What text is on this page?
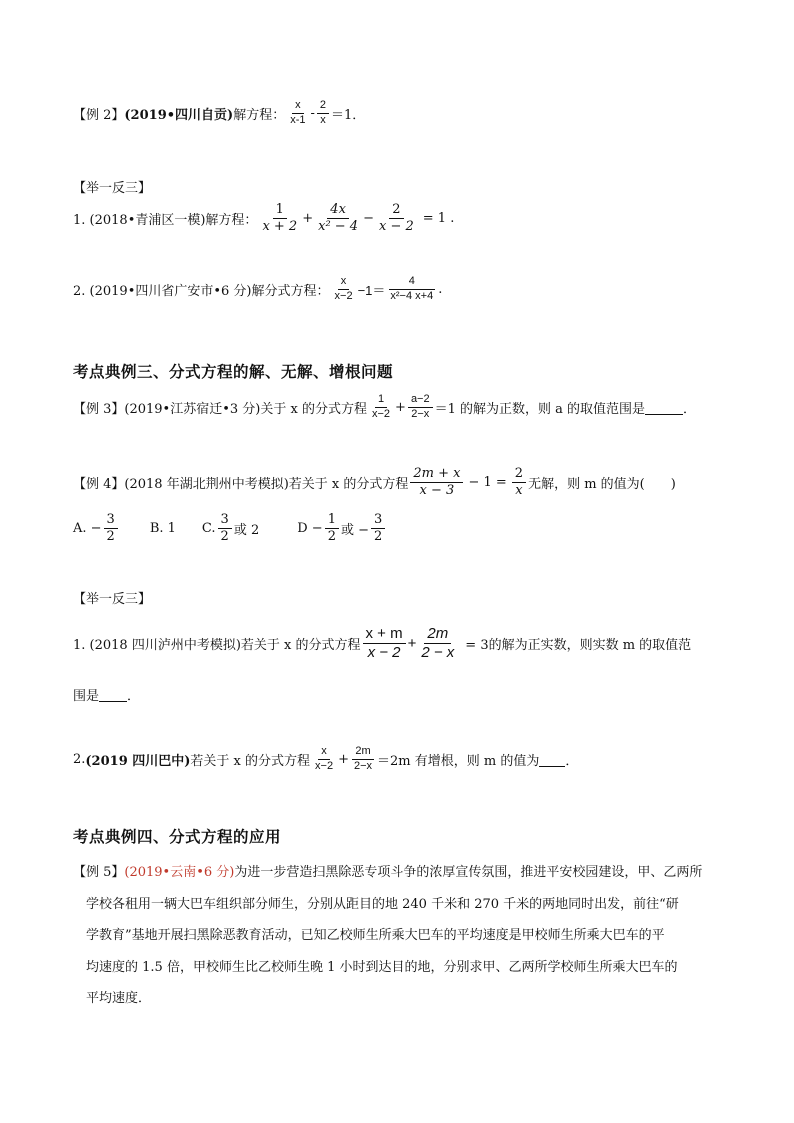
【例 2】 (2019•四川自贡) 解方程： $\frac{x}{x-1} - \frac{2}{x} =1$．
【举一反三】
1. (2018•青浦区一模)解方程： $\frac{1}{x + 2} + \frac{4x}{\text{x² − 4}} - \frac{2}{x - 2} = 1$ .
2. (2019•四川省广安市•6 分)解分式方程： $\frac{x}{x-2} -1= \frac{4}{\text{x²−4 x+4}}$ .
考点典例三、分式方程的解、无解、增根问题
【例 3】 (2019•江苏宿迁•3 分)关于 x 的分式方程 $\frac{1}{x-2} + \frac{a-2}{2-x} =1$ 的解为正数，则 a 的取值范围是	．
【例 4】 (2018 年湖北荆州中考模拟)若关于 x 的分式方程 $\frac{2m + x}{x - 3} - 1 = \frac{2}{x}$ 无解，则 m 的值为(　　)
A. − $\frac{3}{2} B$. 1 C. $\frac{3}{2}$ 或 2	$D - \frac{1}{2}$ 或 − $\frac{3}{2}$
【举一反三】
1. (2018 四川泸州中考模拟)若关于 x 的分式方程 $\frac{x + m}{x - 2} + \frac{2m}{2 - x} = 3$的解为正实数，则实数 m 的取值范
围是 ．
2. (2019 四川巴中) 若关于 x 的分式方程 $\frac{x}{x-2} + \frac{2m}{2-x} =2m$ 有增根，则 m 的值为 ．
考点典例四、分式方程的应用
【例 5】(2019•云南•6 分)为进一步营造扫黑除恶专项斗争的浓厚宣传氛围，推进平安校园建设，甲、乙两所
学校各租用一辆大巴车组织部分师生，分别从距目的地 240 千米和 270 千米的两地同时出发，前往“研
学教育”基地开展扫黑除恶教育活动，已知乙校师生所乘大巴车的平均速度是甲校师生所乘大巴车的平
均速度的 1.5 倍，甲校师生比乙校师生晚 1 小时到达目的地，分别求甲、乙两所学校师生所乘大巴车的
平均速度．
